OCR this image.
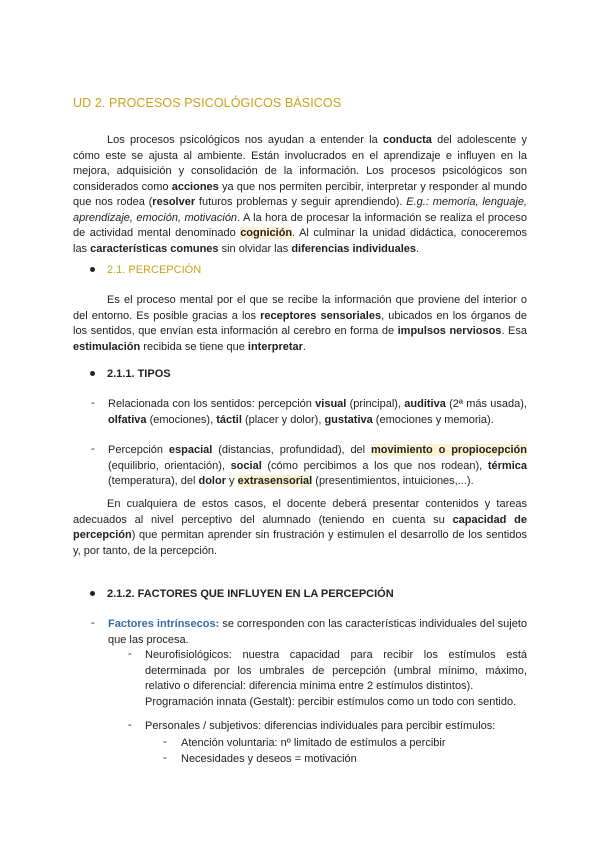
UD 2. PROCESOS PSICOLÓGICOS BÁSICOS
Los procesos psicológicos nos ayudan a entender la conducta del adolescente y cómo este se ajusta al ambiente. Están involucrados en el aprendizaje e influyen en la mejora, adquisición y consolidación de la información. Los procesos psicológicos son considerados como acciones ya que nos permiten percibir, interpretar y responder al mundo que nos rodea (resolver futuros problemas y seguir aprendiendo). E.g.: memoria, lenguaje, aprendizaje, emoción, motivación. A la hora de procesar la información se realiza el proceso de actividad mental denominado cognición. Al culminar la unidad didáctica, conoceremos las características comunes sin olvidar las diferencias individuales.
2.1. PERCEPCIÓN
Es el proceso mental por el que se recibe la información que proviene del interior o del entorno. Es posible gracias a los receptores sensoriales, ubicados en los órganos de los sentidos, que envían esta información al cerebro en forma de impulsos nerviosos. Esa estimulación recibida se tiene que interpretar.
2.1.1. TIPOS
- Relacionada con los sentidos: percepción visual (principal), auditiva (2ª más usada), olfativa (emociones), táctil (placer y dolor), gustativa (emociones y memoria).
- Percepción espacial (distancias, profundidad), del movimiento o propiocepción (equilibrio, orientación), social (cómo percibimos a los que nos rodean), térmica (temperatura), del dolor y extrasensorial (presentimientos, intuiciones,...).
En cualquiera de estos casos, el docente deberá presentar contenidos y tareas adecuados al nivel perceptivo del alumnado (teniendo en cuenta su capacidad de percepción) que permitan aprender sin frustración y estimulen el desarrollo de los sentidos y, por tanto, de la percepción.
2.1.2. FACTORES QUE INFLUYEN EN LA PERCEPCIÓN
- Factores intrínsecos: se corresponden con las características individuales del sujeto que las procesa.
- Neurofisiológicos: nuestra capacidad para recibir los estímulos está determinada por los umbrales de percepción (umbral mínimo, máximo, relativo o diferencial: diferencia mínima entre 2 estímulos distintos).
Programación innata (Gestalt): percibir estímulos como un todo con sentido.
- Personales / subjetivos: diferencias individuales para percibir estímulos:
- Atención voluntaria: nº limitado de estímulos a percibir
- Necesidades y deseos = motivación
